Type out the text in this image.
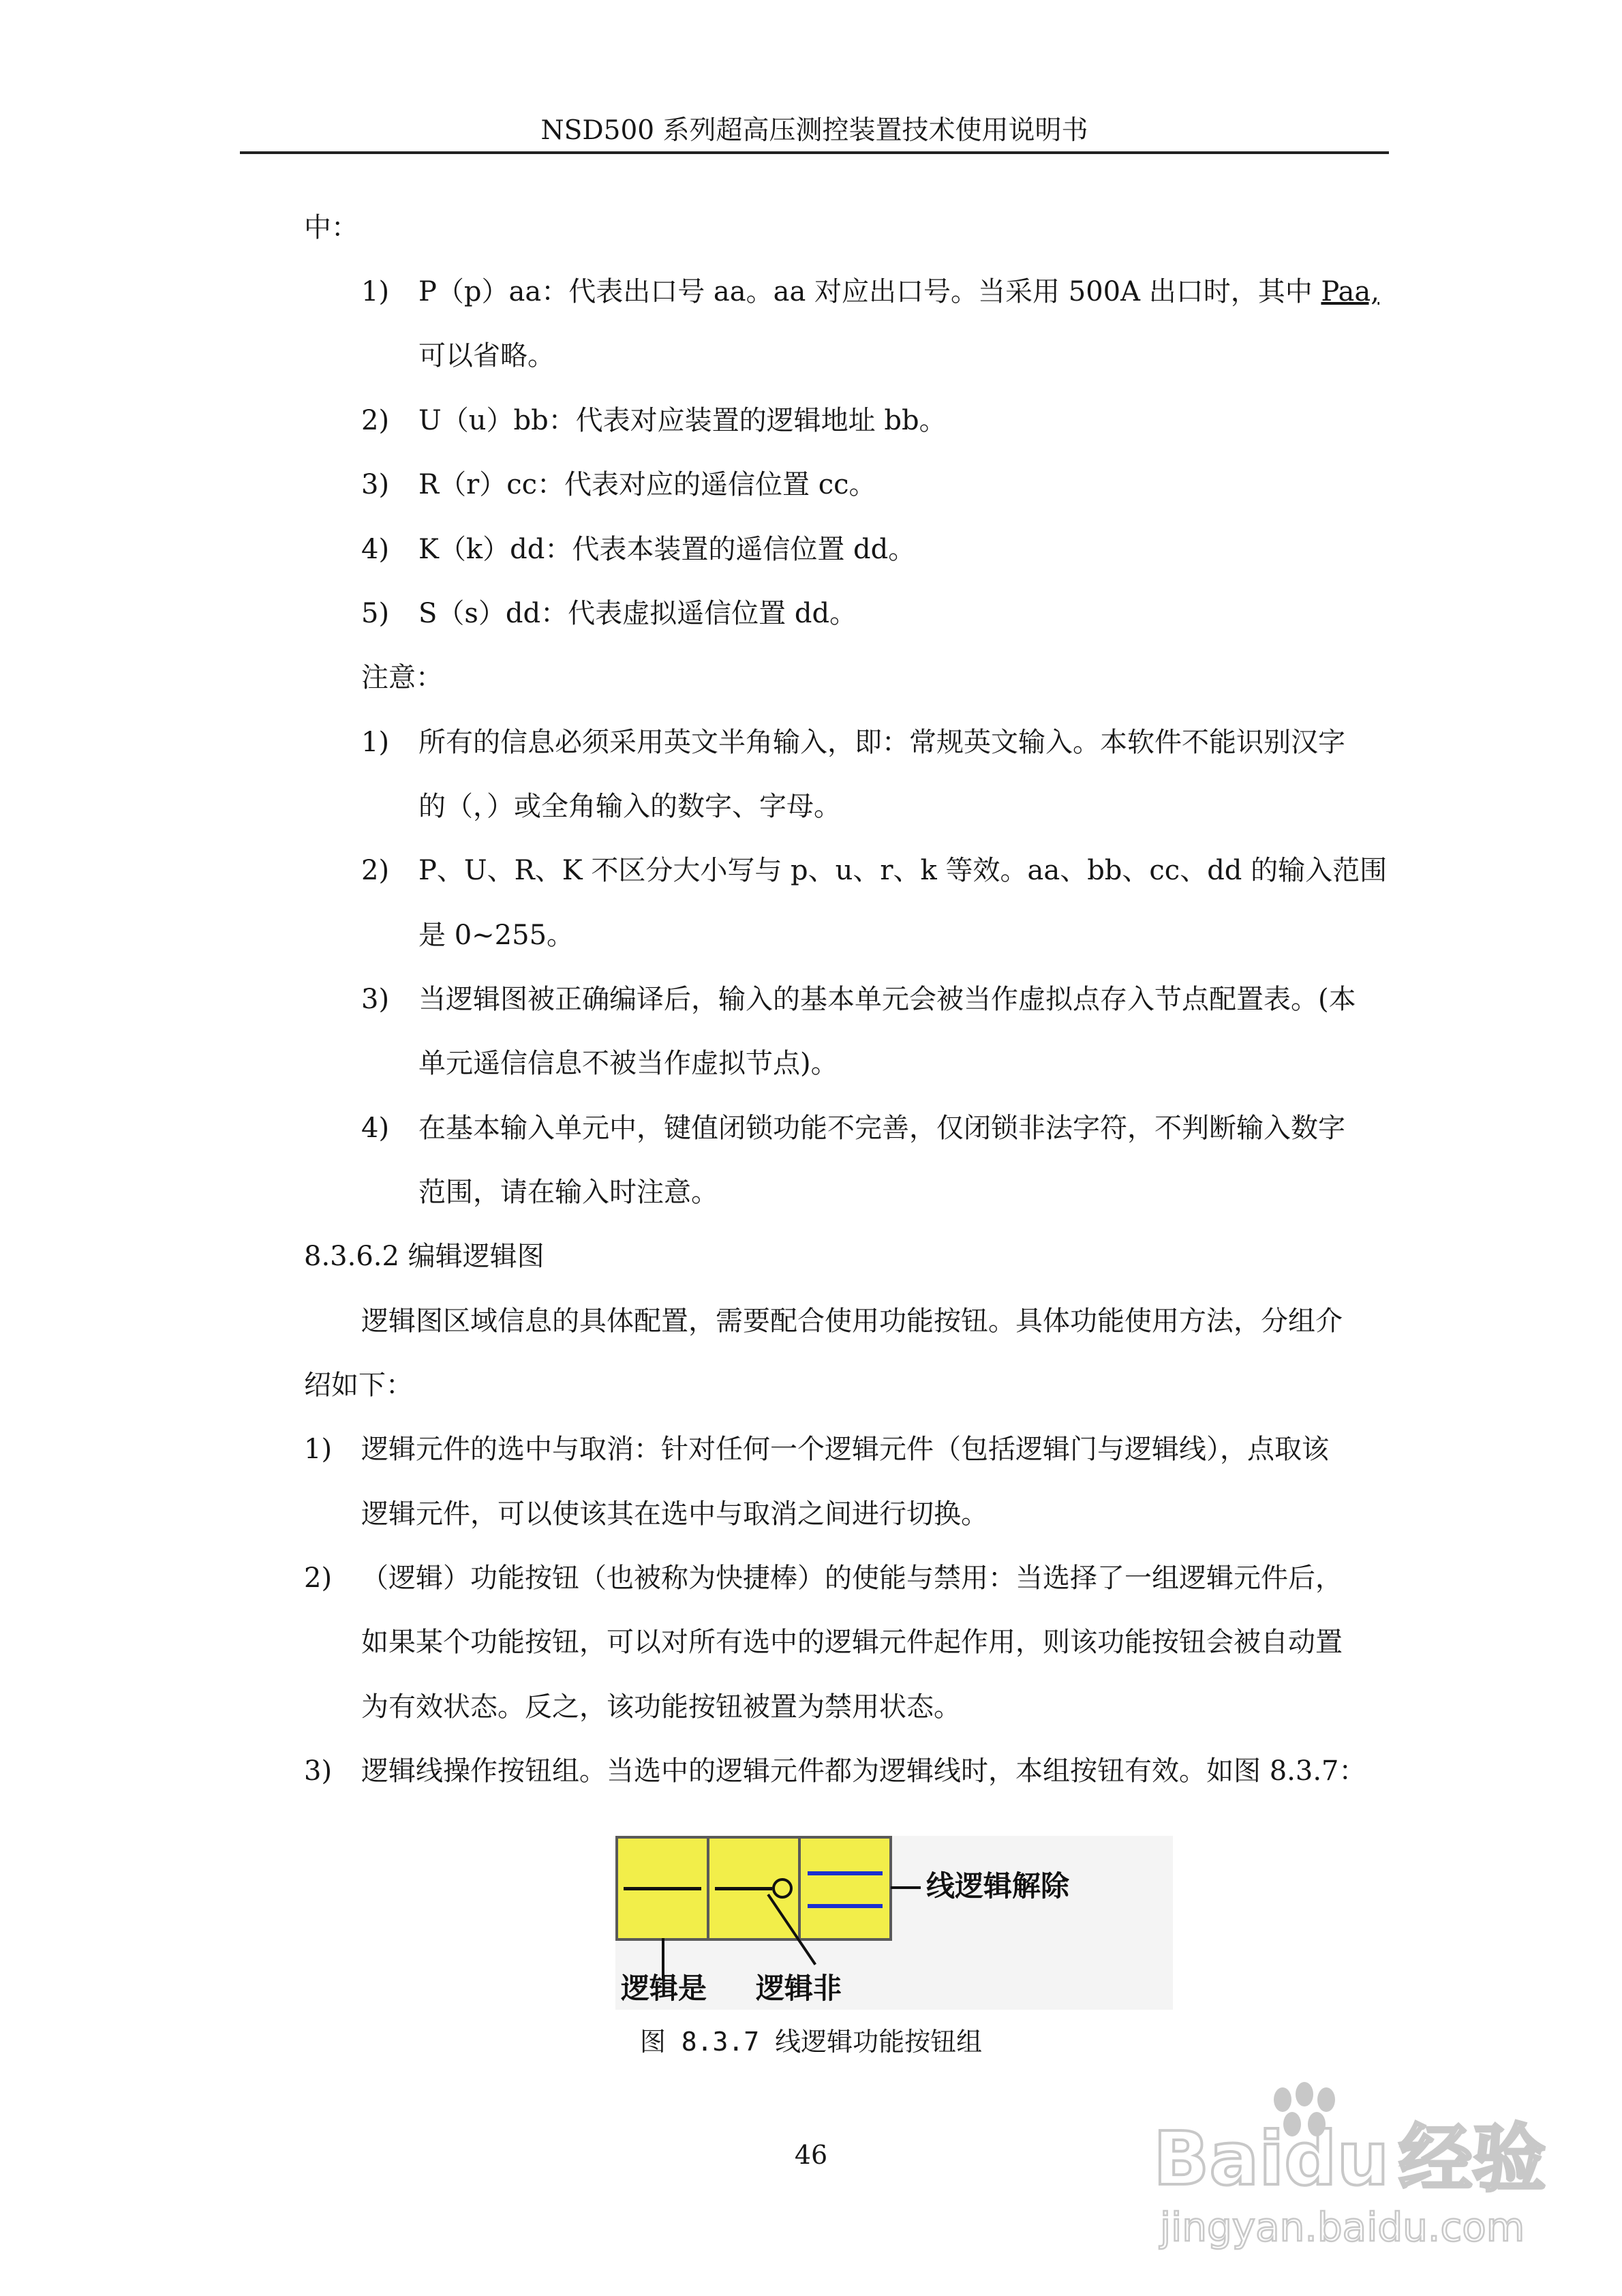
NSD500 系列超高压测控装置技术使用说明书
中：
1) P（p）aa：代表出口号 aa。aa 对应出口号。当采用 500A 出口时，其中 Paa,
可以省略。
2) U（u）bb：代表对应装置的逻辑地址 bb。
3) R（r）cc：代表对应的遥信位置 cc。
4) K（k）dd：代表本装置的遥信位置 dd。
5) S（s）dd：代表虚拟遥信位置 dd。
注意：
1) 所有的信息必须采用英文半角输入，即：常规英文输入。本软件不能识别汉字
的（，）或全角输入的数字、字母。
2) P、U、R、K 不区分大小写与 p、u、r、k 等效。aa、bb、cc、dd 的输入范围
是 0~255。
3) 当逻辑图被正确编译后，输入的基本单元会被当作虚拟点存入节点配置表。(本
单元遥信信息不被当作虚拟节点)。
4) 在基本输入单元中，键值闭锁功能不完善，仅闭锁非法字符，不判断输入数字
范围，请在输入时注意。
8.3.6.2 编辑逻辑图
逻辑图区域信息的具体配置，需要配合使用功能按钮。具体功能使用方法，分组介
绍如下：
1) 逻辑元件的选中与取消：针对任何一个逻辑元件（包括逻辑门与逻辑线），点取该
逻辑元件，可以使该其在选中与取消之间进行切换。
2) （逻辑）功能按钮（也被称为快捷棒）的使能与禁用：当选择了一组逻辑元件后，
如果某个功能按钮，可以对所有选中的逻辑元件起作用，则该功能按钮会被自动置
为有效状态。反之，该功能按钮被置为禁用状态。
3) 逻辑线操作按钮组。当选中的逻辑元件都为逻辑线时，本组按钮有效。如图 8.3.7：
线逻辑解除
逻辑是 逻辑非
图 8.3.7 线逻辑功能按钮组
46	Baidu 经验
jingyan.baidu.com
